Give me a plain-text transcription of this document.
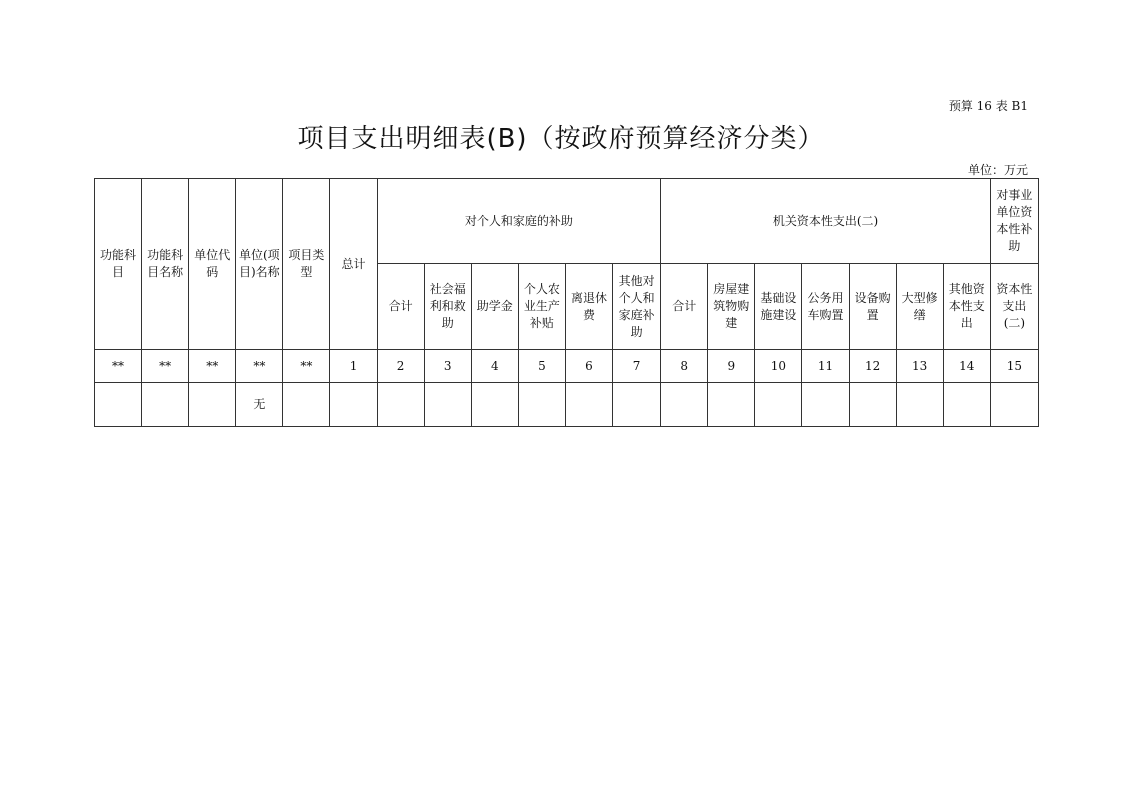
预算 16 表 B1
项目支出明细表(B)（按政府预算经济分类）
单位：万元
功能科目	功能科目名称	单位代码	单位(项目)名称	项目类型	总计	对个人和家庭的补助						机关资本性支出(二)							对事业单位资本性补助
						合计	社会福利和救助	助学金	个人农业生产补贴	离退休费	其他对个人和家庭补助	合计	房屋建筑物购建	基础设施建设	公务用车购置	设备购置	大型修缮	其他资本性支出	资本性支出(二)
**	**	**	**	**	1	2	3	4	5	6	7	8	9	10	11	12	13	14	15
			无																
